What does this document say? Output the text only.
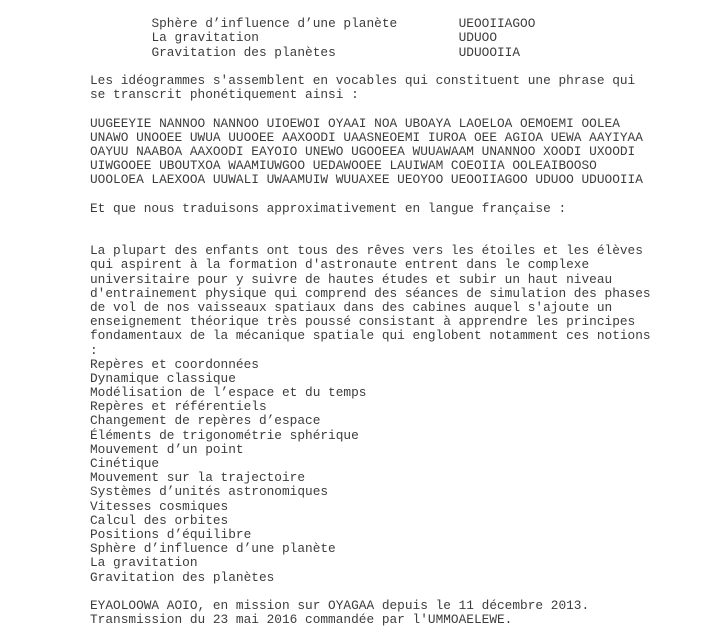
Sphère d’influence d’une planète	UEOOIIAGOO

La gravitation	UDUOO

Gravitation des planètes	UDUOOIIA

Les idéogrammes s'assemblent en vocables qui constituent une phrase qui
se transcrit phonétiquement ainsi :
UUGEEYIE NANNOO NANNOO UIOEWOI OYAAI NOA UBOAYA LAOELOA OEMOEMI OOLEA
UNAWO UNOOEE UWUA UUOOEE AAXOODI UAASNEOEMI IUROA OEE AGIOA UEWA AAYIYAA
OAYUU NAABOA AAXOODI EAYOIO UNEWO UGOOEEA WUUAWAAM UNANNOO XOODI UXOODI
UIWGOOEE UBOUTXOA WAAMIUWGOO UEDAWOOEE LAUIWAM COEOIIA OOLEAIBOOSO
UOOLOEA LAEXOOA UUWALI UWAAMUIW WUUAXEE UEOYOO UEOOIIAGOO UDUOO UDUOOIIA
Et que nous traduisons approximativement en langue française :
La plupart des enfants ont tous des rêves vers les étoiles et les élèves
qui aspirent à la formation d'astronaute entrent dans le complexe
universitaire pour y suivre de hautes études et subir un haut niveau
d'entrainement physique qui comprend des séances de simulation des phases
de vol de nos vaisseaux spatiaux dans des cabines auquel s'ajoute un
enseignement théorique très poussé consistant à apprendre les principes
fondamentaux de la mécanique spatiale qui englobent notamment ces notions
:
Repères et coordonnées
Dynamique classique
Modélisation de l’espace et du temps
Repères et référentiels
Changement de repères d’espace
Éléments de trigonométrie sphérique
Mouvement d’un point
Cinétique
Mouvement sur la trajectoire
Systèmes d’unités astronomiques
Vitesses cosmiques
Calcul des orbites
Positions d’équilibre
Sphère d’influence d’une planète
La gravitation
Gravitation des planètes
EYAOLOOWA AOIO, en mission sur OYAGAA depuis le 11 décembre 2013.
Transmission du 23 mai 2016 commandée par l'UMMOAELEWE.
